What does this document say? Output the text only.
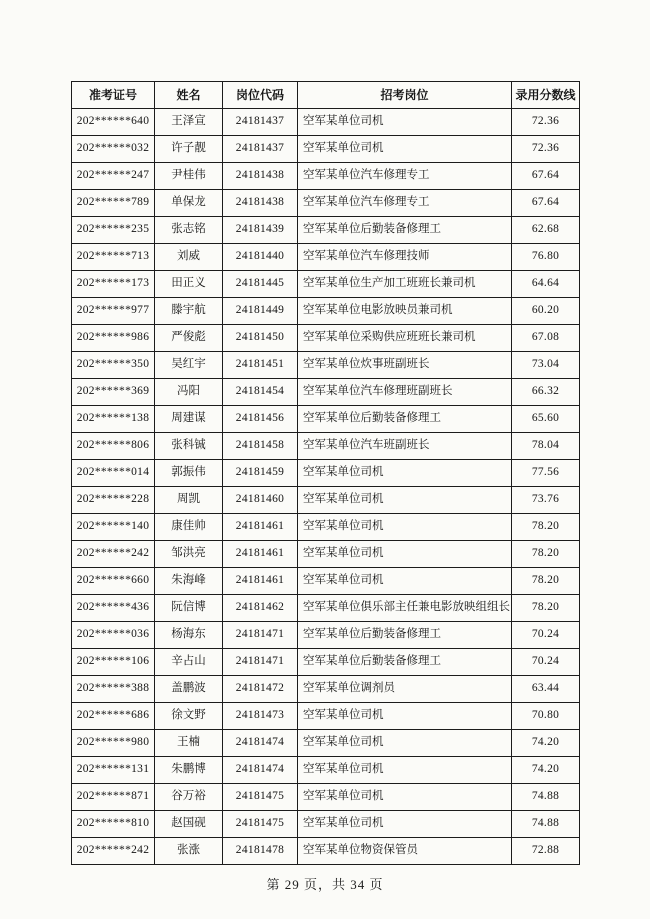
准考证号	姓名	岗位代码	招考岗位	录用分数线
202******640	王泽宣	24181437	空军某单位司机	72.36
202******032	许子靓	24181437	空军某单位司机	72.36
202******247	尹桂伟	24181438	空军某单位汽车修理专工	67.64
202******789	单保龙	24181438	空军某单位汽车修理专工	67.64
202******235	张志铭	24181439	空军某单位后勤装备修理工	62.68
202******713	刘威	24181440	空军某单位汽车修理技师	76.80
202******173	田正义	24181445	空军某单位生产加工班班长兼司机	64.64
202******977	滕宇航	24181449	空军某单位电影放映员兼司机	60.20
202******986	严俊彪	24181450	空军某单位采购供应班班长兼司机	67.08
202******350	吴红宇	24181451	空军某单位炊事班副班长	73.04
202******369	冯阳	24181454	空军某单位汽车修理班副班长	66.32
202******138	周建谋	24181456	空军某单位后勤装备修理工	65.60
202******806	张科铖	24181458	空军某单位汽车班副班长	78.04
202******014	郭振伟	24181459	空军某单位司机	77.56
202******228	周凯	24181460	空军某单位司机	73.76
202******140	康佳帅	24181461	空军某单位司机	78.20
202******242	邹洪亮	24181461	空军某单位司机	78.20
202******660	朱海峰	24181461	空军某单位司机	78.20
202******436	阮信博	24181462	空军某单位俱乐部主任兼电影放映组组长	78.20
202******036	杨海东	24181471	空军某单位后勤装备修理工	70.24
202******106	辛占山	24181471	空军某单位后勤装备修理工	70.24
202******388	盖鹏波	24181472	空军某单位调剂员	63.44
202******686	徐文野	24181473	空军某单位司机	70.80
202******980	王楠	24181474	空军某单位司机	74.20
202******131	朱鹏博	24181474	空军某单位司机	74.20
202******871	谷万裕	24181475	空军某单位司机	74.88
202******810	赵国砚	24181475	空军某单位司机	74.88
202******242	张涨	24181478	空军某单位物资保管员	72.88
第 29 页，共 34 页
